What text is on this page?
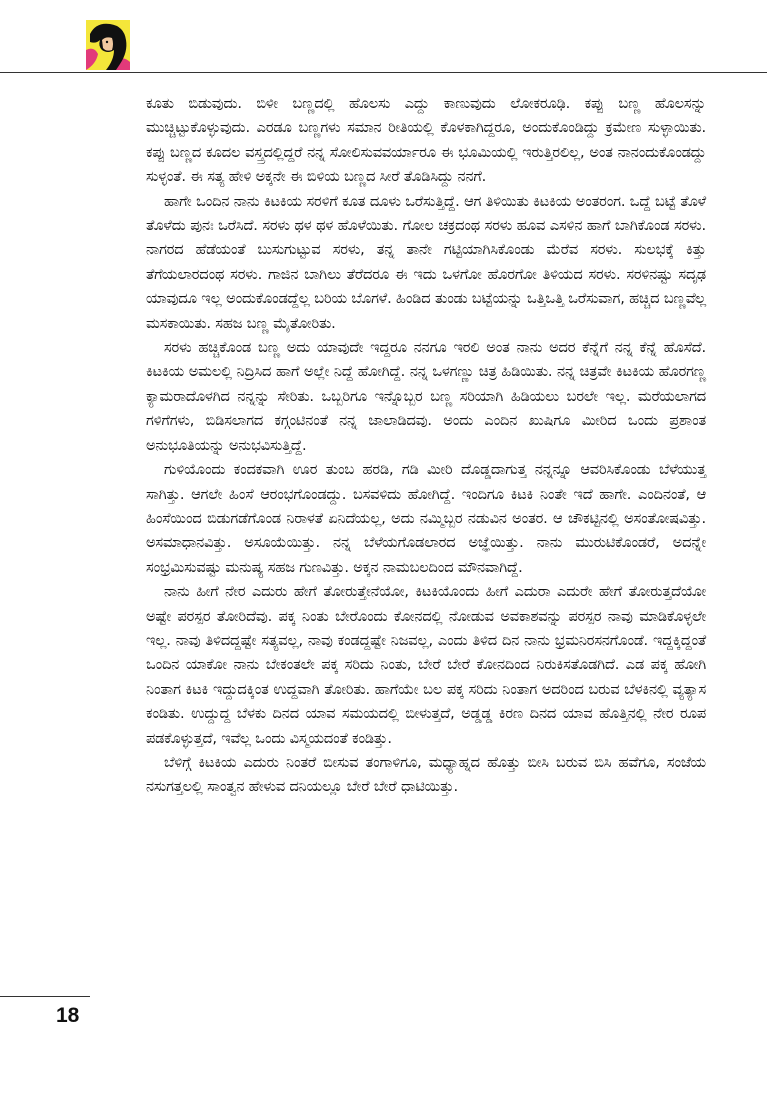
ಕೂತು ಬಿಡುವುದು. ಬಿಳೀ ಬಣ್ಣದಲ್ಲಿ ಹೊಲಸು ಎದ್ದು ಕಾಣುವುದು ಲೋಕರೂಢಿ. ಕಪ್ಪು ಬಣ್ಣ ಹೊಲಸನ್ನು ಮುಚ್ಚಿಟ್ಟುಕೊಳ್ಳುವುದು. ಎರಡೂ ಬಣ್ಣಗಳು ಸಮಾನ ರೀತಿಯಲ್ಲಿ ಕೊಳಕಾಗಿದ್ದರೂ, ಅಂದುಕೊಂಡಿದ್ದು ಕ್ರಮೇಣ ಸುಳ್ಳಾಯಿತು. ಕಪ್ಪು ಬಣ್ಣದ ಕೂದಲ ವಸ್ತ್ರದಲ್ಲಿದ್ದರೆ ನನ್ನ ಸೋಲಿಸುವವರ್ಯಾರೂ ಈ ಭೂಮಿಯಲ್ಲಿ ಇರುತ್ತಿರಲಿಲ್ಲ, ಅಂತ ನಾನಂದುಕೊಂಡದ್ದು ಸುಳ್ಳಂತೆ. ಈ ಸತ್ಯ ಹೇಳಿ ಅಕ್ಕನೇ ಈ ಬಿಳಿಯ ಬಣ್ಣದ ಸೀರೆ ತೊಡಿಸಿದ್ದು ನನಗೆ.

ಹಾಗೇ ಒಂದಿನ ನಾನು ಕಿಟಕಿಯ ಸರಳಿಗೆ ಕೂತ ದೂಳು ಒರೆಸುತ್ತಿದ್ದೆ. ಆಗ ತಿಳಿಯಿತು ಕಿಟಕಿಯ ಅಂತರಂಗ. ಒದ್ದೆ ಬಟ್ಟೆ ತೊಳೆ ತೊಳೆದು ಪುನಃ ಒರೆಸಿದೆ. ಸರಳು ಥಳ ಥಳ ಹೊಳೆಯಿತು. ಗೋಲ ಚಕ್ರದಂಥ ಸರಳು ಹೂವ ಎಸಳಿನ ಹಾಗೆ ಬಾಗಿಕೊಂಡ ಸರಳು. ನಾಗರದ ಹೆಡೆಯಂತೆ ಬುಸುಗುಟ್ಟುವ ಸರಳು, ತನ್ನ ತಾನೇ ಗಟ್ಟಿಯಾಗಿಸಿಕೊಂಡು ಮೆರೆವ ಸರಳು. ಸುಲಭಕ್ಕೆ ಕಿತ್ತು ತೆಗೆಯಲಾರದಂಥ ಸರಳು. ಗಾಜಿನ ಬಾಗಿಲು ತೆರೆದರೂ ಈ ಇದು ಒಳಗೋ ಹೊರಗೋ ತಿಳಿಯದ ಸರಳು. ಸರಳಿನಷ್ಟು ಸದೃಢ ಯಾವುದೂ ಇಲ್ಲ ಅಂದುಕೊಂಡದ್ದೆಲ್ಲ ಬರಿಯ ಬೊಗಳೆ. ಹಿಂಡಿದ ತುಂಡು ಬಟ್ಟೆಯನ್ನು ಒತ್ತಿಒತ್ತಿ ಒರೆಸುವಾಗ, ಹಚ್ಚಿದ ಬಣ್ಣವೆಲ್ಲ ಮಸಕಾಯಿತು. ಸಹಜ ಬಣ್ಣ ಮೈತೋರಿತು.

ಸರಳು ಹಚ್ಚಿಕೊಂಡ ಬಣ್ಣ ಅದು ಯಾವುದೇ ಇದ್ದರೂ ನನಗೂ ಇರಲಿ ಅಂತ ನಾನು ಅದರ ಕೆನ್ನೆಗೆ ನನ್ನ ಕೆನ್ನೆ ಹೊಸೆದೆ. ಕಿಟಕಿಯ ಅಮಲಲ್ಲಿ ನಿದ್ರಿಸಿದ ಹಾಗೆ ಅಲ್ಲೇ ನಿದ್ದೆ ಹೋಗಿದ್ದೆ. ನನ್ನ ಒಳಗಣ್ಣು ಚಿತ್ರ ಹಿಡಿಯಿತು. ನನ್ನ ಚಿತ್ರವೇ ಕಿಟಕಿಯ ಹೊರಗಣ್ಣ ಕ್ಯಾಮರಾದೊಳಗಿದ ನನ್ನನ್ನು ಸೇರಿತು. ಒಬ್ಬರಿಗೂ ಇನ್ನೊಬ್ಬರ ಬಣ್ಣ ಸರಿಯಾಗಿ ಹಿಡಿಯಲು ಬರಲೇ ಇಲ್ಲ. ಮರೆಯಲಾಗದ ಗಳಿಗೆಗಳು, ಬಿಡಿಸಲಾಗದ ಕಗ್ಗಂಟಿನಂತೆ ನನ್ನ ಜಾಲಾಡಿದವು. ಅಂದು ಎಂದಿನ ಖುಷಿಗೂ ಮೀರಿದ ಒಂದು ಪ್ರಶಾಂತ ಅನುಭೂತಿಯನ್ನು ಅನುಭವಿಸುತ್ತಿದ್ದೆ.

ಗುಳಿಯೊಂದು ಕಂದಕವಾಗಿ ಊರ ತುಂಬ ಹರಡಿ, ಗಡಿ ಮೀರಿ ದೊಡ್ಡದಾಗುತ್ತ ನನ್ನನ್ನೂ ಆವರಿಸಿಕೊಂಡು ಬೆಳೆಯುತ್ತ ಸಾಗಿತ್ತು. ಆಗಲೇ ಹಿಂಸೆ ಆರಂಭಗೊಂಡದ್ದು. ಬಸವಳಿದು ಹೋಗಿದ್ದೆ. ಇಂದಿಗೂ ಕಿಟಕಿ ನಿಂತೇ ಇದೆ ಹಾಗೇ. ಎಂದಿನಂತೆ, ಆ ಹಿಂಸೆಯಿಂದ ಬಿಡುಗಡೆಗೊಂಡ ನಿರಾಳತೆ ಏನಿದೆಯಲ್ಲ, ಅದು ನಮ್ಮಿಬ್ಬರ ನಡುವಿನ ಅಂತರ. ಆ ಚೌಕಟ್ಟಿನಲ್ಲಿ ಅಸಂತೋಷವಿತ್ತು. ಅಸಮಾಧಾನವಿತ್ತು. ಅಸೂಯೆಯಿತ್ತು. ನನ್ನ ಬೆಳೆಯಗೊಡಲಾರದ ಅಜ್ಞೆಯಿತ್ತು. ನಾನು ಮುರುಟಿಕೊಂಡರೆ, ಅದನ್ನೇ ಸಂಭ್ರಮಿಸುವಷ್ಟು ಮನುಷ್ಯ ಸಹಜ ಗುಣವಿತ್ತು. ಅಕ್ಕನ ನಾಮಬಲದಿಂದ ಮೌನವಾಗಿದ್ದೆ.

ನಾನು ಹೀಗೆ ನೇರ ಎದುರು ಹೇಗೆ ತೋರುತ್ತೇನೆಯೋ, ಕಿಟಕಿಯೊಂದು ಹೀಗೆ ಎದುರಾ ಎದುರೇ ಹೇಗೆ ತೋರುತ್ತದೆಯೋ ಅಷ್ಟೇ ಪರಸ್ಪರ ತೋರಿದೆವು. ಪಕ್ಕ ನಿಂತು ಬೇರೊಂದು ಕೋನದಲ್ಲಿ ನೋಡುವ ಅವಕಾಶವನ್ನು ಪರಸ್ಪರ ನಾವು ಮಾಡಿಕೊಳ್ಳಲೇ ಇಲ್ಲ. ನಾವು ತಿಳಿದದ್ದಷ್ಟೇ ಸತ್ಯವಲ್ಲ, ನಾವು ಕಂಡದ್ದಷ್ಟೇ ನಿಜವಲ್ಲ, ಎಂದು ತಿಳಿದ ದಿನ ನಾನು ಭ್ರಮನಿರಸನಗೊಂಡೆ. ಇದ್ದಕ್ಕಿದ್ದಂತೆ ಒಂದಿನ ಯಾಕೋ ನಾನು ಬೇಕಂತಲೇ ಪಕ್ಕ ಸರಿದು ನಿಂತು, ಬೇರೆ ಬೇರೆ ಕೋನದಿಂದ ನಿರುಕಿಸತೊಡಗಿದೆ. ಎಡ ಪಕ್ಕ ಹೋಗಿ ನಿಂತಾಗ ಕಿಟಕಿ ಇದ್ದುದಕ್ಕಿಂತ ಉದ್ದವಾಗಿ ತೋರಿತು. ಹಾಗೆಯೇ ಬಲ ಪಕ್ಕ ಸರಿದು ನಿಂತಾಗ ಅದರಿಂದ ಬರುವ ಬೆಳಕಿನಲ್ಲಿ ವ್ಯತ್ಯಾಸ ಕಂಡಿತು. ಉದ್ದುದ್ದ ಬೆಳಕು ದಿನದ ಯಾವ ಸಮಯದಲ್ಲಿ ಬೀಳುತ್ತದೆ, ಅಡ್ಡಡ್ಡ ಕಿರಣ ದಿನದ ಯಾವ ಹೊತ್ತಿನಲ್ಲಿ ನೇರ ರೂಪ ಪಡಕೊಳ್ಳುತ್ತದೆ, ಇವೆಲ್ಲ ಒಂದು ವಿಸ್ಮಯದಂತೆ ಕಂಡಿತ್ತು.

ಬೆಳಿಗ್ಗೆ ಕಿಟಕಿಯ ಎದುರು ನಿಂತರೆ ಬೀಸುವ ತಂಗಾಳಿಗೂ, ಮಧ್ಯಾಹ್ನದ ಹೊತ್ತು ಬೀಸಿ ಬರುವ ಬಿಸಿ ಹವೆಗೂ, ಸಂಜೆಯ ನಸುಗತ್ತಲಲ್ಲಿ ಸಾಂತ್ವನ ಹೇಳುವ ದನಿಯಲ್ಲೂ ಬೇರೆ ಬೇರೆ ಧಾಟಿಯಿತ್ತು.

18
